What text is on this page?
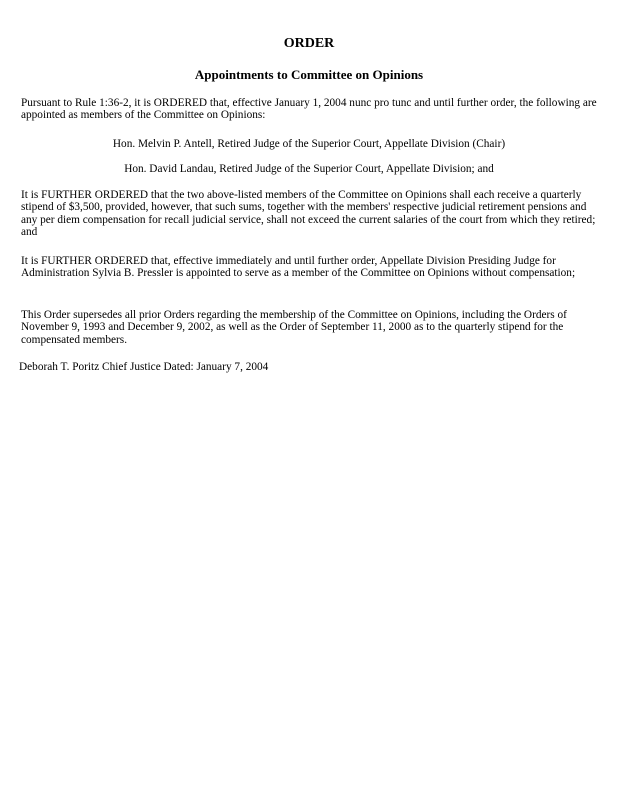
ORDER
Appointments to Committee on Opinions

Pursuant to Rule 1:36-2, it is ORDERED that, effective January 1, 2004 nunc pro tunc and until further order, the following are appointed as members of the Committee on Opinions:

Hon. Melvin P. Antell, Retired Judge of the Superior Court, Appellate Division (Chair)

Hon. David Landau, Retired Judge of the Superior Court, Appellate Division; and

It is FURTHER ORDERED that the two above-listed members of the Committee on Opinions shall each receive a quarterly stipend of $3,500, provided, however, that such sums, together with the members' respective judicial retirement pensions and any per diem compensation for recall judicial service, shall not exceed the current salaries of the court from which they retired; and

It is FURTHER ORDERED that, effective immediately and until further order, Appellate Division Presiding Judge for Administration Sylvia B. Pressler is appointed to serve as a member of the Committee on Opinions without compensation;

This Order supersedes all prior Orders regarding the membership of the Committee on Opinions, including the Orders of November 9, 1993 and December 9, 2002, as well as the Order of September 11, 2000 as to the quarterly stipend for the compensated members.

Deborah T. Poritz Chief Justice Dated: January 7, 2004
